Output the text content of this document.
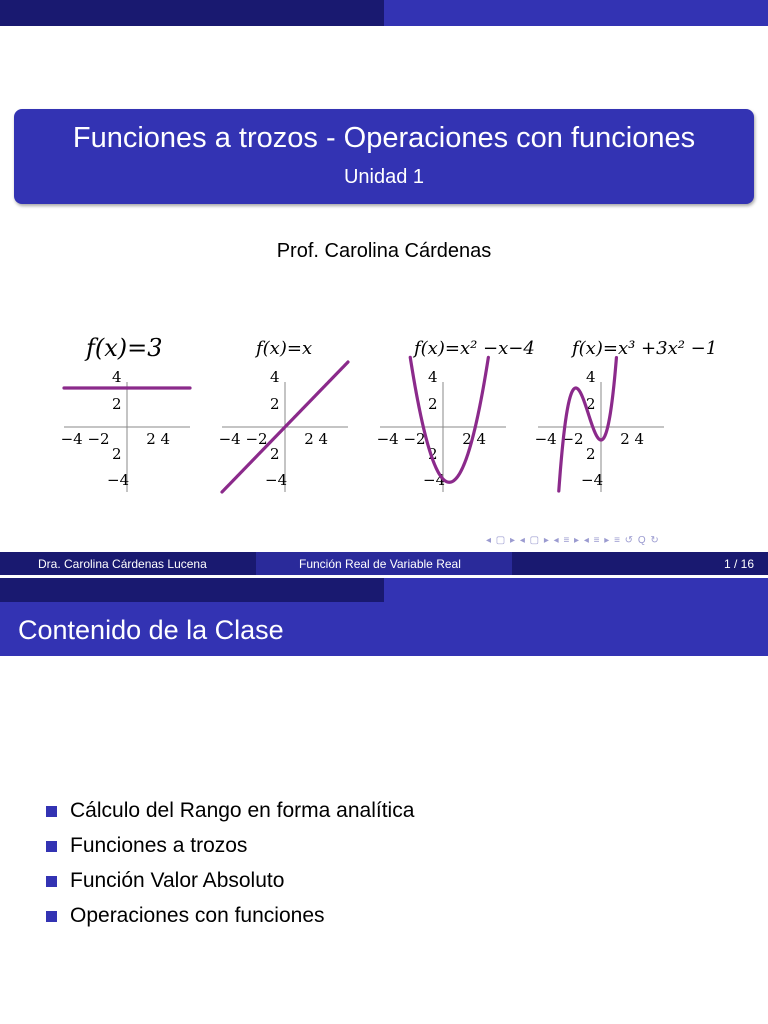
Funciones a trozos - Operaciones con funciones
Unidad 1
Prof. Carolina Cárdenas
f(x)=3
4
2
−4 −2 2 4
2
−4
f(x)=x
4
2
−4 −2 2 4
2
−4
f(x)=x² −x−4
4
2
−4 −2 2 4
2
−4
f(x)=x³ +3x² −1
4
2
−4 −2 2 4
2
−4
◂ ▢ ▸ ◂ ▢ ▸ ◂ ≡ ▸ ◂ ≡ ▸ ≡ ↺ Q ↻
Dra. Carolina Cárdenas Lucena	Función Real de Variable Real	1 / 16
Contenido de la Clase
Cálculo del Rango en forma analítica
Funciones a trozos
Función Valor Absoluto
Operaciones con funciones
